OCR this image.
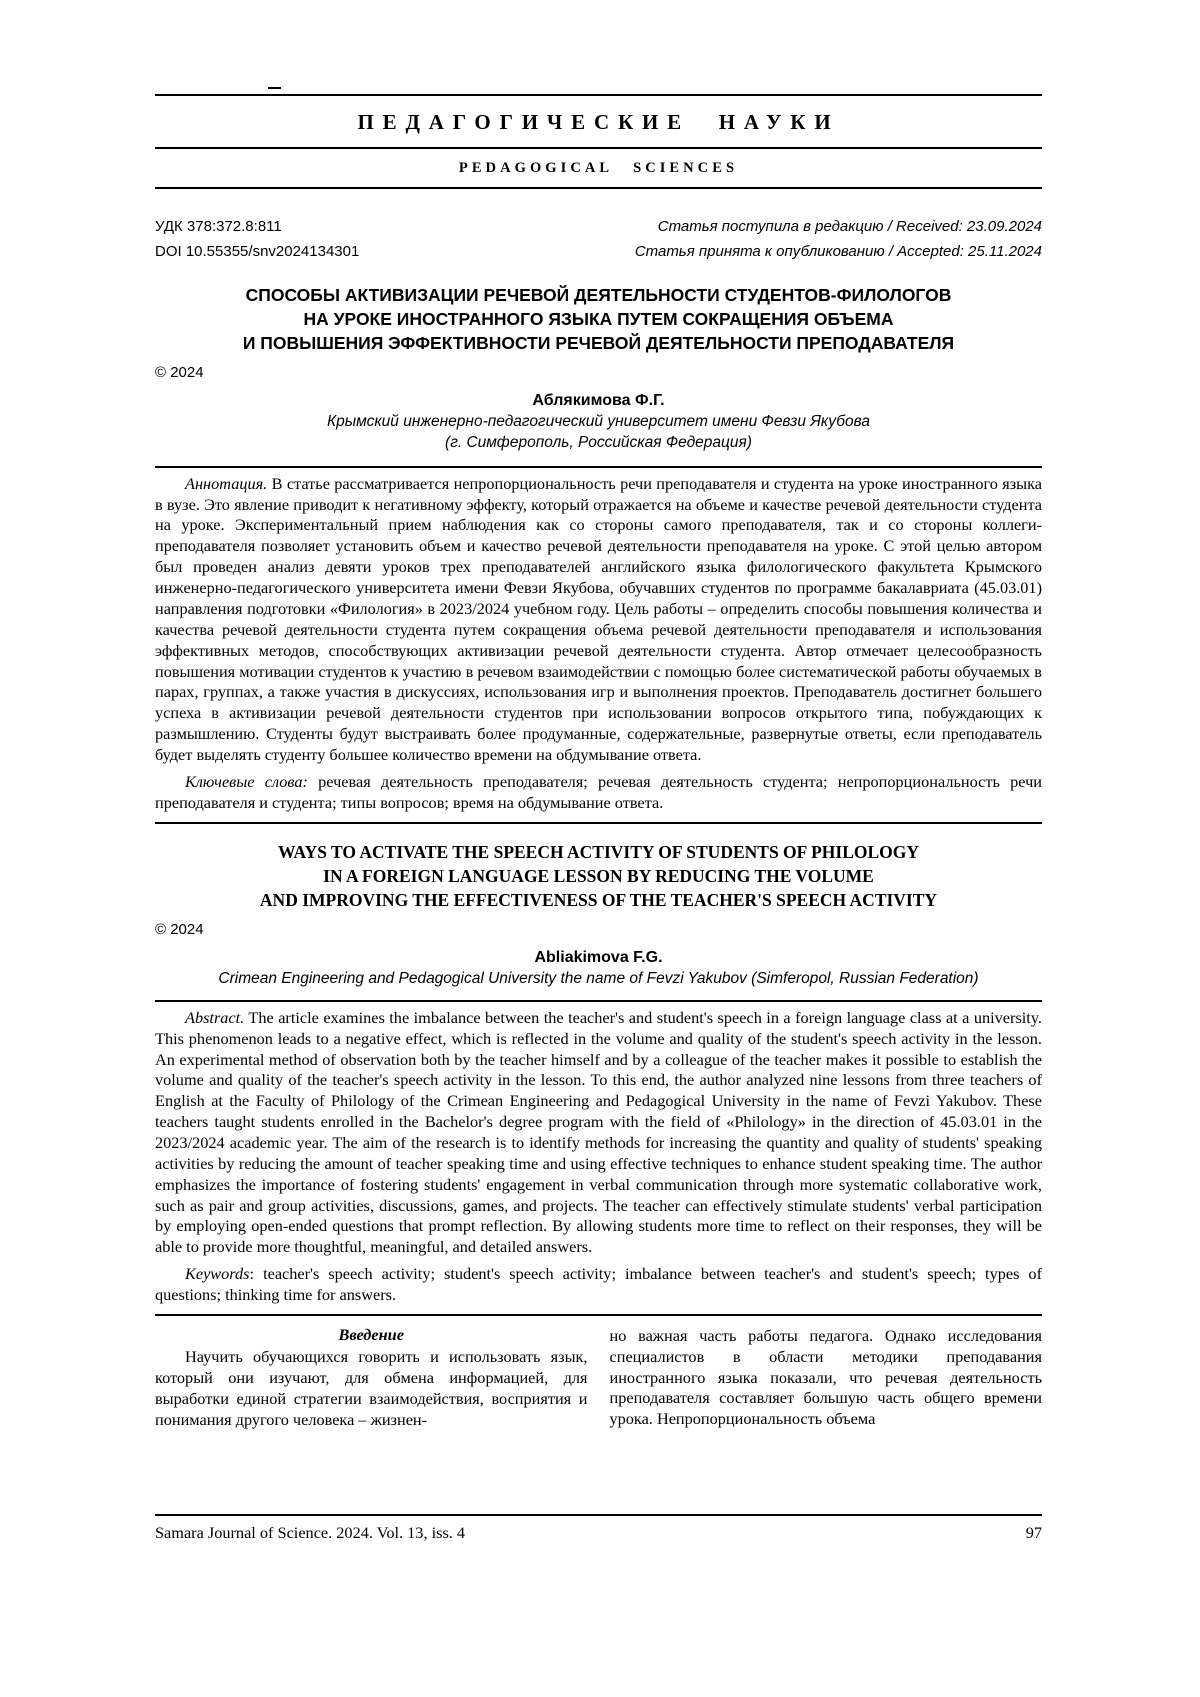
ПЕДАГОГИЧЕСКИЕ НАУКИ
PEDAGOGICAL SCIENCES
УДК 378:372.8:811
DOI 10.55355/snv2024134301
Статья поступила в редакцию / Received: 23.09.2024
Статья принята к опубликованию / Accepted: 25.11.2024
СПОСОБЫ АКТИВИЗАЦИИ РЕЧЕВОЙ ДЕЯТЕЛЬНОСТИ СТУДЕНТОВ-ФИЛОЛОГОВ
НА УРОКЕ ИНОСТРАННОГО ЯЗЫКА ПУТЕМ СОКРАЩЕНИЯ ОБЪЕМА
И ПОВЫШЕНИЯ ЭФФЕКТИВНОСТИ РЕЧЕВОЙ ДЕЯТЕЛЬНОСТИ ПРЕПОДАВАТЕЛЯ
© 2024
Аблякимова Ф.Г.
Крымский инженерно-педагогический университет имени Февзи Якубова
(г. Симферополь, Российская Федерация)

Аннотация. В статье рассматривается непропорциональность речи преподавателя и студента на уроке иностранного языка в вузе. Это явление приводит к негативному эффекту, который отражается на объеме и качестве речевой деятельности студента на уроке. Экспериментальный прием наблюдения как со стороны самого преподавателя, так и со стороны коллеги-преподавателя позволяет установить объем и качество речевой деятельности преподавателя на уроке. С этой целью автором был проведен анализ девяти уроков трех преподавателей английского языка филологического факультета Крымского инженерно-педагогического университета имени Февзи Якубова, обучавших студентов по программе бакалавриата (45.03.01) направления подготовки «Филология» в 2023/2024 учебном году. Цель работы – определить способы повышения количества и качества речевой деятельности студента путем сокращения объема речевой деятельности преподавателя и использования эффективных методов, способствующих активизации речевой деятельности студента. Автор отмечает целесообразность повышения мотивации студентов к участию в речевом взаимодействии с помощью более систематической работы обучаемых в парах, группах, а также участия в дискуссиях, использования игр и выполнения проектов. Преподаватель достигнет большего успеха в активизации речевой деятельности студентов при использовании вопросов открытого типа, побуждающих к размышлению. Студенты будут выстраивать более продуманные, содержательные, развернутые ответы, если преподаватель будет выделять студенту большее количество времени на обдумывание ответа.

Ключевые слова: речевая деятельность преподавателя; речевая деятельность студента; непропорциональность речи преподавателя и студента; типы вопросов; время на обдумывание ответа.

WAYS TO ACTIVATE THE SPEECH ACTIVITY OF STUDENTS OF PHILOLOGY
IN A FOREIGN LANGUAGE LESSON BY REDUCING THE VOLUME
AND IMPROVING THE EFFECTIVENESS OF THE TEACHER'S SPEECH ACTIVITY
© 2024
Abliakimova F.G.
Crimean Engineering and Pedagogical University the name of Fevzi Yakubov (Simferopol, Russian Federation)

Abstract. The article examines the imbalance between the teacher's and student's speech in a foreign language class at a university. This phenomenon leads to a negative effect, which is reflected in the volume and quality of the student's speech activity in the lesson. An experimental method of observation both by the teacher himself and by a colleague of the teacher makes it possible to establish the volume and quality of the teacher's speech activity in the lesson. To this end, the author analyzed nine lessons from three teachers of English at the Faculty of Philology of the Crimean Engineering and Pedagogical University in the name of Fevzi Yakubov. These teachers taught students enrolled in the Bachelor's degree program with the field of «Philology» in the direction of 45.03.01 in the 2023/2024 academic year. The aim of the research is to identify methods for increasing the quantity and quality of students' speaking activities by reducing the amount of teacher speaking time and using effective techniques to enhance student speaking time. The author emphasizes the importance of fostering students' engagement in verbal communication through more systematic collaborative work, such as pair and group activities, discussions, games, and projects. The teacher can effectively stimulate students' verbal participation by employing open-ended questions that prompt reflection. By allowing students more time to reflect on their responses, they will be able to provide more thoughtful, meaningful, and detailed answers.

Keywords: teacher's speech activity; student's speech activity; imbalance between teacher's and student's speech; types of questions; thinking time for answers.

Введение

Научить обучающихся говорить и использовать язык, который они изучают, для обмена информацией, для выработки единой стратегии взаимодействия, восприятия и понимания другого человека – жизнен-

но важная часть работы педагога. Однако исследования специалистов в области методики преподавания иностранного языка показали, что речевая деятельность преподавателя составляет большую часть общего времени урока. Непропорциональность объема

Samara Journal of Science. 2024. Vol. 13, iss. 4	97
